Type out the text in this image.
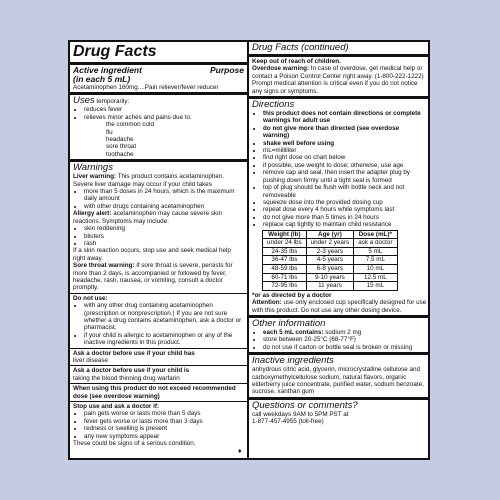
Drug Facts
Active ingredient	Purpose
(in each 5 mL)
Acetaminophen 160mg....Pain reliever/fever reducer
Uses temporarily:
• reduces fever
• relieves minor aches and pains due to:
the common cold
flu
headache
sore throat
toothache
Warnings
Liver warning: This product contains acetaminophen. Severe liver damage may occur if your child takes
• more than 5 doses in 24 hours, which is the maximum daily amount
• with other drugs containing acetaminophen
Allergy alert: acetaminophen may cause severe skin reactions. Symptoms may include:
• skin reddening
• blisters
• rash
If a skin reaction occurs, stop use and seek medical help right away.
Sore throat warning: if sore throat is severe, persists for more than 2 days, is accompanied or followed by fever, headache, rash, nausea, or vomiting, consult a doctor promptly.
Do not use:
• with any other drug containing acetaminophen (prescription or nonprescription.) If you are not sure whether a drug contains acetaminophen, ask a doctor or pharmacist.
• if your child is allergic to acetaminophen or any of the inactive ingredients in this product.
Ask a doctor before use if your child has
liver disease
Ask a doctor before use if your child is
taking the blood thinning drug warfarin
When using this product do not exceed recommended dose (see overdose warning)
Stop use and ask a doctor if:
• pain gets worse or lasts more than 5 days
• fever gets worse or lasts more than 3 days
• redness or swelling is present
• any new symptoms appear
These could be signs of a serious condition.
♦
Drug Facts (continued)
Keep out of reach of children.
Overdose warning: In case of overdose, get medical help or contact a Poison Control Center right away. (1-800-222-1222) Prompt medical attention is critical even if you do not notice any signs or symptoms.
Directions
• this product does not contain directions or complete warnings for adult use
• do not give more than directed (see overdose warning)
• shake well before using
• mL=milliliter
• find right dose on chart below
• if possible, use weight to dose; otherwise, use age
• remove cap and seal, then insert the adapter plug by pushing down firmly until a tight seal is formed
• top of plug should be flush with bottle neck and not removeable
• squeeze dose into the provided dosing cup
• repeat dose every 4 hours while symptoms last
• do not give more than 5 times in 24 hours
• replace cap tightly to maintain child resistance
Weight (lb)	Age (yr)	Dose (mL)*
under 24 lbs	under 2 years	ask a doctor
24-35 lbs	2-3 years	5 mL
36-47 lbs	4-5 years	7.5 mL
48-59 lbs	6-8 years	10 mL
60-71 lbs	9-10 years	12.5 mL
72-95 lbs	11 years	15 mL
*or as directed by a doctor
Attention: use only enclosed cup specifically designed for use with this product. Do not use any other dosing device.
Other information
• each 5 mL contains: sodium 2 mg
• store between 20-25°C (68-77°F)
• do not use if carton or bottle seal is broken or missing
Inactive ingredients
anhydrous citric acid, glycerin, microcrystalline cellulose and carboxymethylcellulose sodium, natural flavors, organic elderberry juice concentrate, purified water, sodium benzoate, sucrose, xanthan gum
Questions or comments?
call weekdays 9AM to 5PM PST at
1-877-457-4955 (toll-free)
